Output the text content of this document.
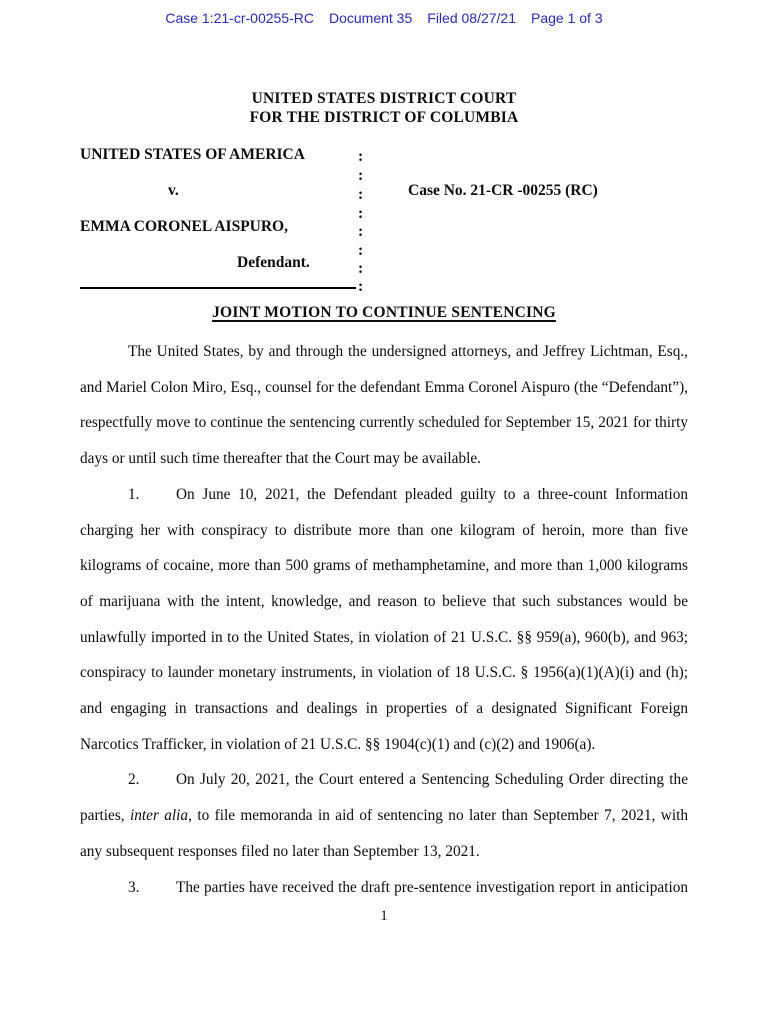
Case 1:21-cr-00255-RC Document 35 Filed 08/27/21 Page 1 of 3
UNITED STATES DISTRICT COURT
FOR THE DISTRICT OF COLUMBIA
UNITED STATES OF AMERICA
v.	Case No. 21-CR -00255 (RC)
EMMA CORONEL AISPURO,
Defendant.
:
:
:
:
:
:
:
:
JOINT MOTION TO CONTINUE SENTENCING

The United States, by and through the undersigned attorneys, and Jeffrey Lichtman, Esq., and Mariel Colon Miro, Esq., counsel for the defendant Emma Coronel Aispuro (the “Defendant”), respectfully move to continue the sentencing currently scheduled for September 15, 2021 for thirty days or until such time thereafter that the Court may be available.

1. On June 10, 2021, the Defendant pleaded guilty to a three-count Information charging her with conspiracy to distribute more than one kilogram of heroin, more than five kilograms of cocaine, more than 500 grams of methamphetamine, and more than 1,000 kilograms of marijuana with the intent, knowledge, and reason to believe that such substances would be unlawfully imported in to the United States, in violation of 21 U.S.C. §§ 959(a), 960(b), and 963; conspiracy to launder monetary instruments, in violation of 18 U.S.C. § 1956(a)(1)(A)(i) and (h); and engaging in transactions and dealings in properties of a designated Significant Foreign Narcotics Trafficker, in violation of 21 U.S.C. §§ 1904(c)(1) and (c)(2) and 1906(a).

2. On July 20, 2021, the Court entered a Sentencing Scheduling Order directing the parties, inter alia, to file memoranda in aid of sentencing no later than September 7, 2021, with any subsequent responses filed no later than September 13, 2021.

3. The parties have received the draft pre-sentence investigation report in anticipation

1
